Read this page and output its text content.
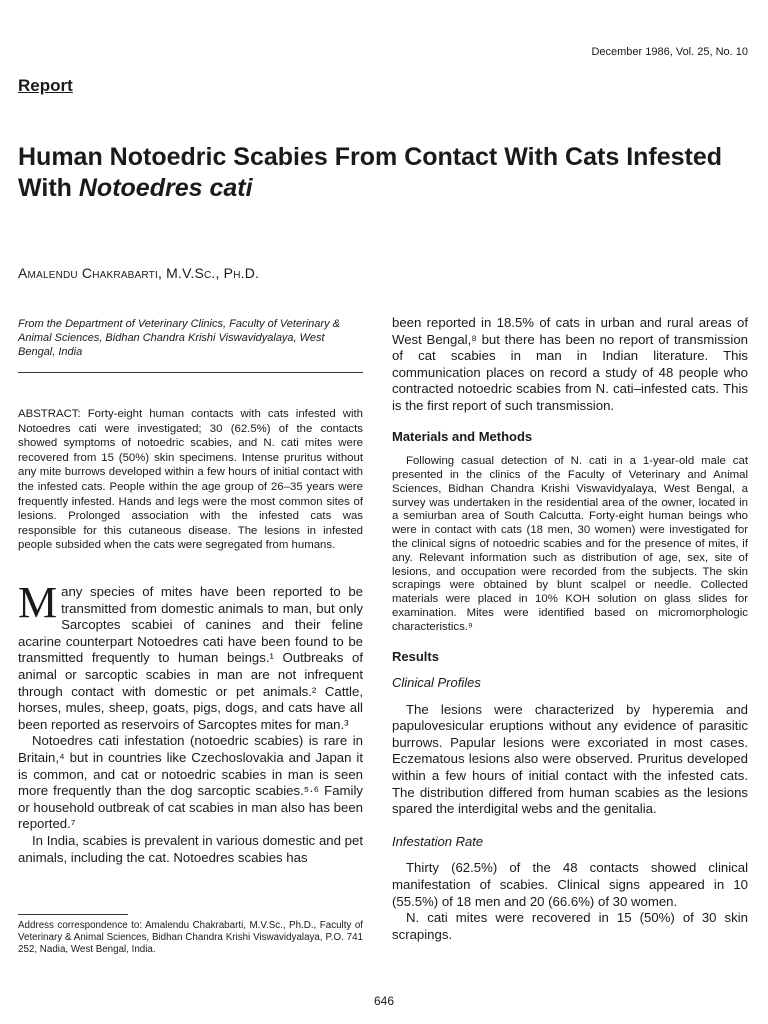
December 1986, Vol. 25, No. 10
Report
Human Notoedric Scabies From Contact With Cats Infested With Notoedres cati
Amalendu Chakrabarti, M.V.Sc., Ph.D.
From the Department of Veterinary Clinics, Faculty of Veterinary & Animal Sciences, Bidhan Chandra Krishi Viswavidyalaya, West Bengal, India
ABSTRACT: Forty-eight human contacts with cats infested with Notoedres cati were investigated; 30 (62.5%) of the contacts showed symptoms of notoedric scabies, and N. cati mites were recovered from 15 (50%) skin specimens. Intense pruritus without any mite burrows developed within a few hours of initial contact with the infested cats. People within the age group of 26–35 years were frequently infested. Hands and legs were the most common sites of lesions. Prolonged association with the infested cats was responsible for this cutaneous disease. The lesions in infested people subsided when the cats were segregated from humans.

Many species of mites have been reported to be transmitted from domestic animals to man, but only Sarcoptes scabiei of canines and their feline acarine counterpart Notoedres cati have been found to be transmitted frequently to human beings.¹ Outbreaks of animal or sarcoptic scabies in man are not infrequent through contact with domestic or pet animals.² Cattle, horses, mules, sheep, goats, pigs, dogs, and cats have all been reported as reservoirs of Sarcoptes mites for man.³

Notoedres cati infestation (notoedric scabies) is rare in Britain,⁴ but in countries like Czechoslovakia and Japan it is common, and cat or notoedric scabies in man is seen more frequently than the dog sarcoptic scabies.⁵·⁶ Family or household outbreak of cat scabies in man also has been reported.⁷

In India, scabies is prevalent in various domestic and pet animals, including the cat. Notoedres scabies has

Address correspondence to: Amalendu Chakrabarti, M.V.Sc., Ph.D., Faculty of Veterinary & Animal Sciences, Bidhan Chandra Krishi Viswavidyalaya, P.O. 741 252, Nadia, West Bengal, India.

been reported in 18.5% of cats in urban and rural areas of West Bengal,⁸ but there has been no report of transmission of cat scabies in man in Indian literature. This communication places on record a study of 48 people who contracted notoedric scabies from N. cati–infested cats. This is the first report of such transmission.

Materials and Methods

Following casual detection of N. cati in a 1-year-old male cat presented in the clinics of the Faculty of Veterinary and Animal Sciences, Bidhan Chandra Krishi Viswavidyalaya, West Bengal, a survey was undertaken in the residential area of the owner, located in a semiurban area of South Calcutta. Forty-eight human beings who were in contact with cats (18 men, 30 women) were investigated for the clinical signs of notoedric scabies and for the presence of mites, if any. Relevant information such as distribution of age, sex, site of lesions, and occupation were recorded from the subjects. The skin scrapings were obtained by blunt scalpel or needle. Collected materials were placed in 10% KOH solution on glass slides for examination. Mites were identified based on micromorphologic characteristics.⁹

Results
Clinical Profiles

The lesions were characterized by hyperemia and papulovesicular eruptions without any evidence of parasitic burrows. Papular lesions were excoriated in most cases. Eczematous lesions also were observed. Pruritus developed within a few hours of initial contact with the infested cats. The distribution differed from human scabies as the lesions spared the interdigital webs and the genitalia.

Infestation Rate

Thirty (62.5%) of the 48 contacts showed clinical manifestation of scabies. Clinical signs appeared in 10 (55.5%) of 18 men and 20 (66.6%) of 30 women.

N. cati mites were recovered in 15 (50%) of 30 skin scrapings.

646
